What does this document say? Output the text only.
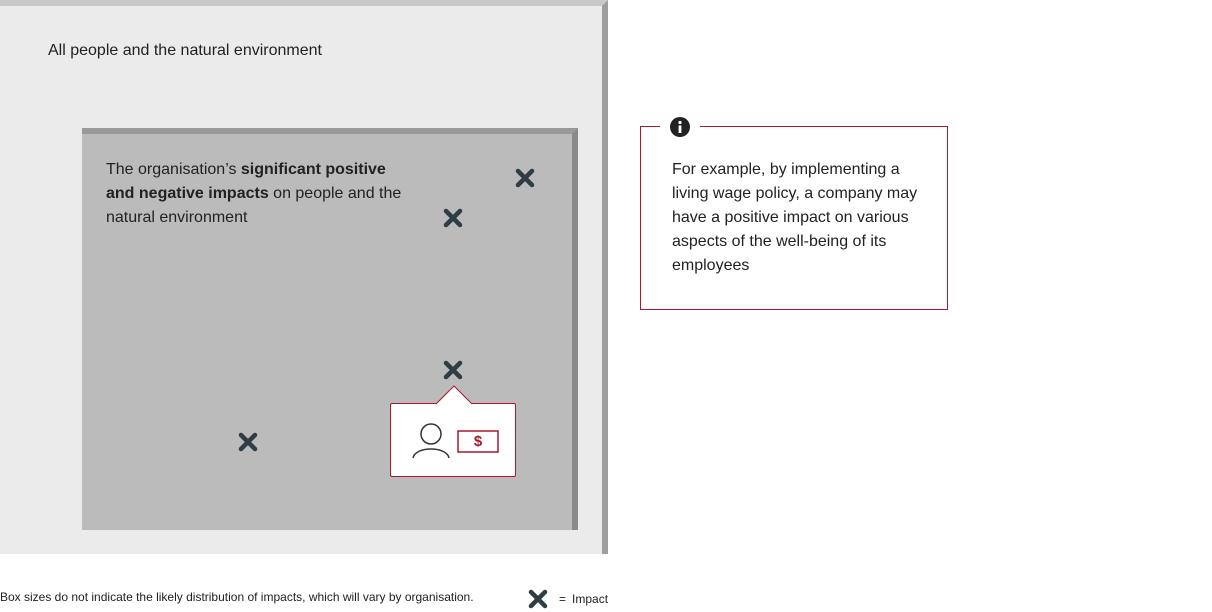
All people and the natural environment
The organisation’s significant positive and negative impacts on people and the natural environment
$
For example, by implementing a living wage policy, a company may have a positive impact on various aspects of the well-being of its employees
Box sizes do not indicate the likely distribution of impacts, which will vary by organisation.	= Impact
